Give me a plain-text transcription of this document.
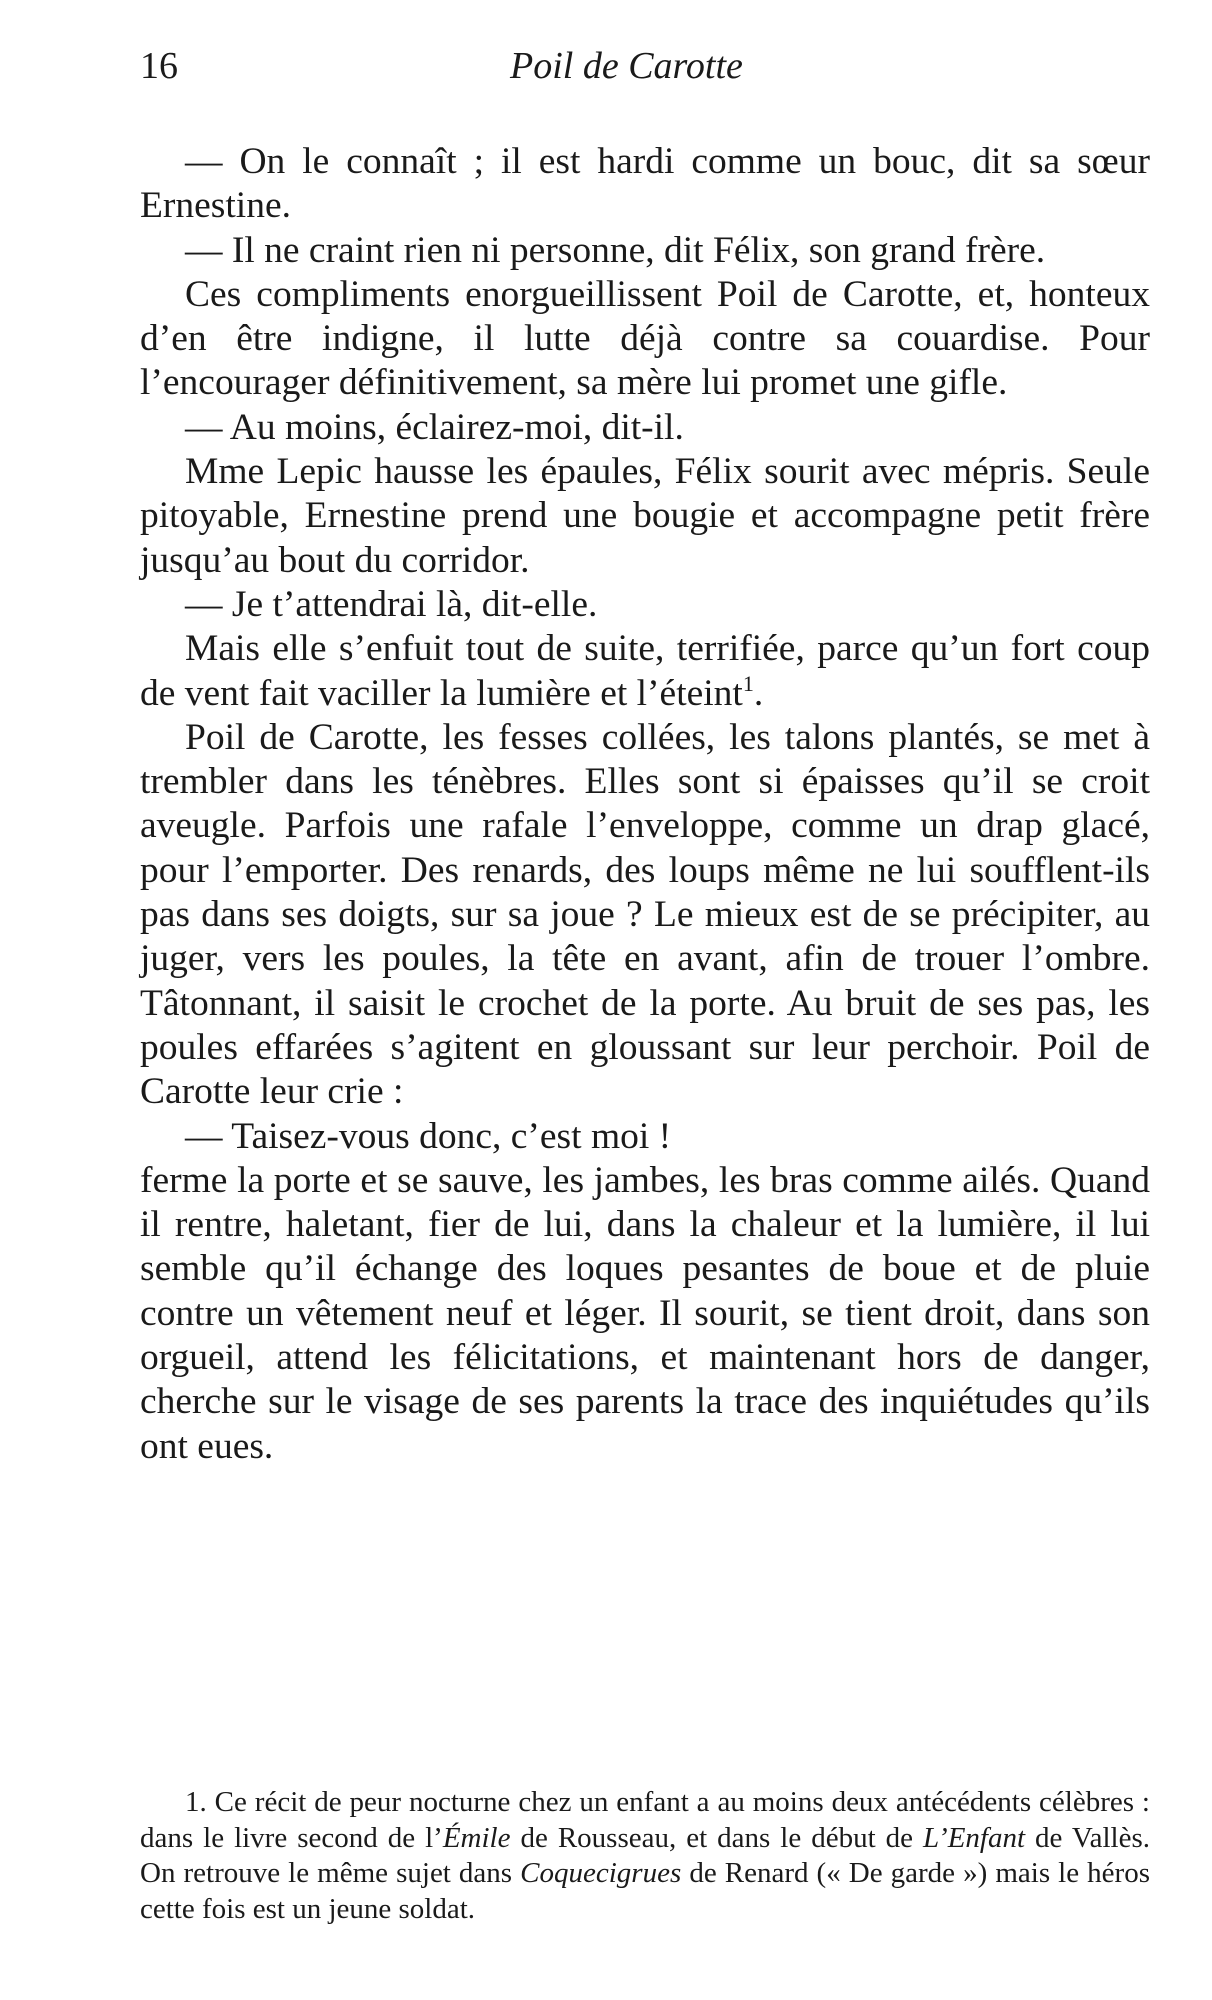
16	Poil de Carotte

— On le connaît ; il est hardi comme un bouc, dit sa sœur Ernestine.

— Il ne craint rien ni personne, dit Félix, son grand frère.

Ces compliments enorgueillissent Poil de Carotte, et, honteux d’en être indigne, il lutte déjà contre sa couardise. Pour l’encourager définitivement, sa mère lui promet une gifle.

— Au moins, éclairez-moi, dit-il.

Mme Lepic hausse les épaules, Félix sourit avec mépris. Seule pitoyable, Ernestine prend une bougie et accompagne petit frère jusqu’au bout du corridor.

— Je t’attendrai là, dit-elle.

Mais elle s’enfuit tout de suite, terrifiée, parce qu’un fort coup de vent fait vaciller la lumière et l’éteint$^1$.

Poil de Carotte, les fesses collées, les talons plantés, se met à trembler dans les ténèbres. Elles sont si épaisses qu’il se croit aveugle. Parfois une rafale l’enveloppe, comme un drap glacé, pour l’emporter. Des renards, des loups même ne lui soufflent-ils pas dans ses doigts, sur sa joue ? Le mieux est de se précipiter, au juger, vers les poules, la tête en avant, afin de trouer l’ombre. Tâtonnant, il saisit le crochet de la porte. Au bruit de ses pas, les poules effarées s’agitent en gloussant sur leur perchoir. Poil de Carotte leur crie :

— Taisez-vous donc, c’est moi !

ferme la porte et se sauve, les jambes, les bras comme ailés. Quand il rentre, haletant, fier de lui, dans la chaleur et la lumière, il lui semble qu’il échange des loques pesantes de boue et de pluie contre un vêtement neuf et léger. Il sourit, se tient droit, dans son orgueil, attend les félicitations, et maintenant hors de danger, cherche sur le visage de ses parents la trace des inquiétudes qu’ils ont eues.

1. Ce récit de peur nocturne chez un enfant a au moins deux antécédents célèbres : dans le livre second de l’Émile de Rousseau, et dans le début de L’Enfant de Vallès. On retrouve le même sujet dans Coquecigrues de Renard (« De garde ») mais le héros cette fois est un jeune soldat.
